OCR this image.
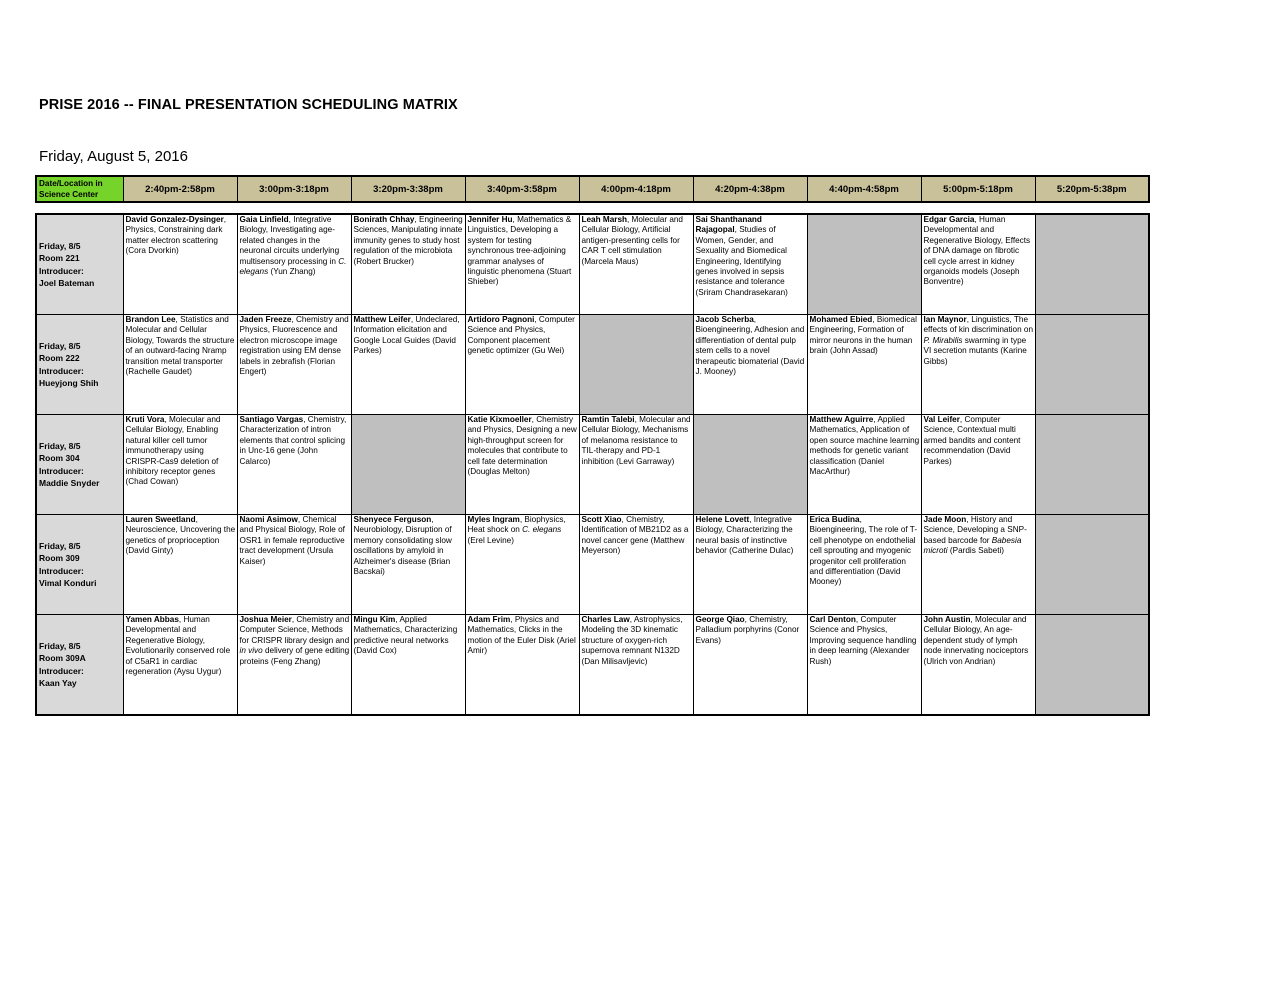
PRISE 2016 -- FINAL PRESENTATION SCHEDULING MATRIX
Friday, August 5, 2016
Date/Location in Science Center	2:40pm-2:58pm	3:00pm-3:18pm	3:20pm-3:38pm	3:40pm-3:58pm	4:00pm-4:18pm	4:20pm-4:38pm	4:40pm-4:58pm	5:00pm-5:18pm	5:20pm-5:38pm
Friday, 8/5
Room 221
Introducer:
Joel Bateman	David Gonzalez-Dysinger, Physics, Constraining dark matter electron scattering (Cora Dvorkin)	Gaia Linfield, Integrative Biology, Investigating age-related changes in the neuronal circuits underlying multisensory processing in C. elegans (Yun Zhang)	Bonirath Chhay, Engineering Sciences, Manipulating innate immunity genes to study host regulation of the microbiota (Robert Brucker)	Jennifer Hu, Mathematics & Linguistics, Developing a system for testing synchronous tree-adjoining grammar analyses of linguistic phenomena (Stuart Shieber)	Leah Marsh, Molecular and Cellular Biology, Artificial antigen-presenting cells for CAR T cell stimulation (Marcela Maus)	Sai Shanthanand Rajagopal, Studies of Women, Gender, and Sexuality and Biomedical Engineering, Identifying genes involved in sepsis resistance and tolerance (Sriram Chandrasekaran)		Edgar Garcia, Human Developmental and Regenerative Biology, Effects of DNA damage on fibrotic cell cycle arrest in kidney organoids models (Joseph Bonventre)	

Friday, 8/5
Room 222
Introducer:
Hueyjong Shih	Brandon Lee, Statistics and Molecular and Cellular Biology, Towards the structure of an outward-facing Nramp transition metal transporter (Rachelle Gaudet)	Jaden Freeze, Chemistry and Physics, Fluorescence and electron microscope image registration using EM dense labels in zebrafish (Florian Engert)	Matthew Leifer, Undeclared, Information elicitation and Google Local Guides (David Parkes)	Artidoro Pagnoni, Computer Science and Physics, Component placement genetic optimizer (Gu Wei)		Jacob Scherba, Bioengineering, Adhesion and differentiation of dental pulp stem cells to a novel therapeutic biomaterial (David J. Mooney)	Mohamed Ebied, Biomedical Engineering, Formation of mirror neurons in the human brain (John Assad)	Ian Maynor, Linguistics, The effects of kin discrimination on P. Mirabilis swarming in type VI secretion mutants (Karine Gibbs)	

Friday, 8/5
Room 304
Introducer:
Maddie Snyder	Kruti Vora, Molecular and Cellular Biology, Enabling natural killer cell tumor immunotherapy using CRISPR-Cas9 deletion of inhibitory receptor genes (Chad Cowan)	Santiago Vargas, Chemistry, Characterization of intron elements that control splicing in Unc-16 gene (John Calarco)		Katie Kixmoeller, Chemistry and Physics, Designing a new high-throughput screen for molecules that contribute to cell fate determination (Douglas Melton)	Ramtin Talebi, Molecular and Cellular Biology, Mechanisms of melanoma resistance to TIL-therapy and PD-1 inhibition (Levi Garraway)		Matthew Aguirre, Applied Mathematics, Application of open source machine learning methods for genetic variant classification (Daniel MacArthur)	Val Leifer, Computer Science, Contextual multi armed bandits and content recommendation (David Parkes)	

Friday, 8/5
Room 309
Introducer:
Vimal Konduri	Lauren Sweetland, Neuroscience, Uncovering the genetics of proprioception (David Ginty)	Naomi Asimow, Chemical and Physical Biology, Role of OSR1 in female reproductive tract development (Ursula Kaiser)	Shenyece Ferguson, Neurobiology, Disruption of memory consolidating slow oscillations by amyloid in Alzheimer's disease (Brian Bacskai)	Myles Ingram, Biophysics, Heat shock on C. elegans (Erel Levine)	Scott Xiao, Chemistry, Identification of MB21D2 as a novel cancer gene (Matthew Meyerson)	Helene Lovett, Integrative Biology, Characterizing the neural basis of instinctive behavior (Catherine Dulac)	Erica Budina, Bioengineering, The role of T-cell phenotype on endothelial cell sprouting and myogenic progenitor cell proliferation and differentiation (David Mooney)	Jade Moon, History and Science, Developing a SNP-based barcode for Babesia microti (Pardis Sabeti)	

Friday, 8/5
Room 309A
Introducer:
Kaan Yay	Yamen Abbas, Human Developmental and Regenerative Biology, Evolutionarily conserved role of C5aR1 in cardiac regeneration (Aysu Uygur)	Joshua Meier, Chemistry and Computer Science, Methods for CRISPR library design and in vivo delivery of gene editing proteins (Feng Zhang)	Mingu Kim, Applied Mathematics, Characterizing predictive neural networks (David Cox)	Adam Frim, Physics and Mathematics, Clicks in the motion of the Euler Disk (Ariel Amir)	Charles Law, Astrophysics, Modeling the 3D kinematic structure of oxygen-rich supernova remnant N132D (Dan Milisavljevic)	George Qiao, Chemistry, Palladium porphyrins (Conor Evans)	Carl Denton, Computer Science and Physics, Improving sequence handling in deep learning (Alexander Rush)	John Austin, Molecular and Cellular Biology, An age-dependent study of lymph node innervating nociceptors (Ulrich von Andrian)	
